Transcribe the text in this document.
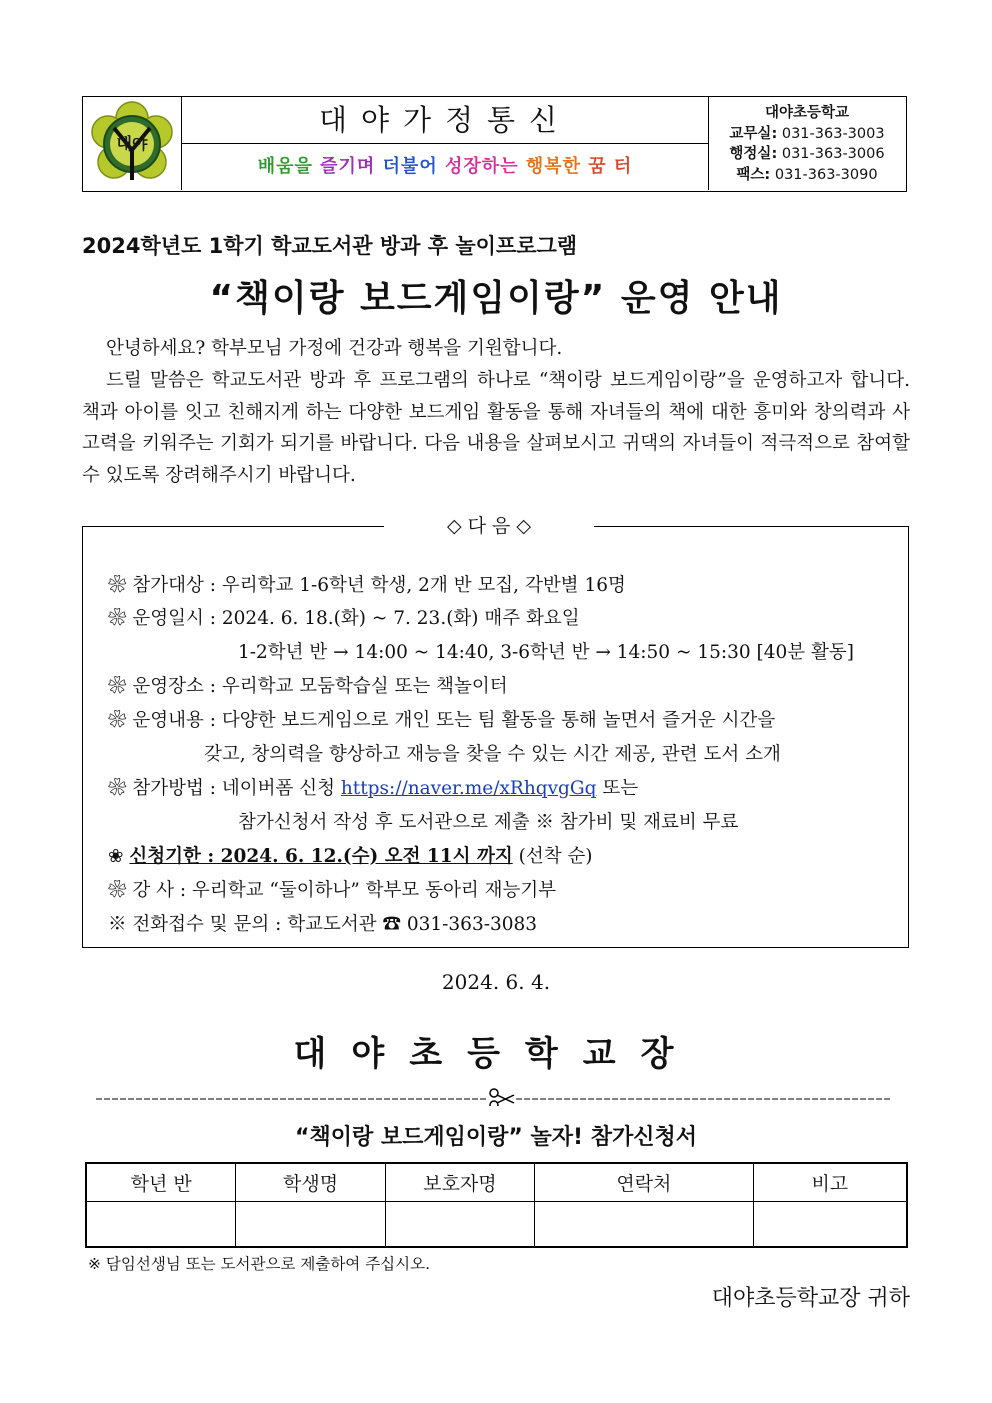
대야
대야가정통신
배움을 즐기며 더불어 성장하는 행복한 꿈 터
대야초등학교
교무실: 031-363-3003
행정실: 031-363-3006
팩스: 031-363-3090
2024학년도 1학기 학교도서관 방과 후 놀이프로그램
“책이랑 보드게임이랑” 운영 안내
안녕하세요? 학부모님 가정에 건강과 행복을 기원합니다.
드릴 말씀은 학교도서관 방과 후 프로그램의 하나로 “책이랑 보드게임이랑”을 운영하고자 합니다. 책과 아이를 잇고 친해지게 하는 다양한 보드게임 활동을 통해 자녀들의 책에 대한 흥미와 창의력과 사고력을 키워주는 기회가 되기를 바랍니다. 다음 내용을 살펴보시고 귀댁의 자녀들이 적극적으로 참여할 수 있도록 장려해주시기 바랍니다.
◇ 다 음 ◇
❀ 참가대상 : 우리학교 1-6학년 학생, 2개 반 모집, 각반별 16명
❀ 운영일시 : 2024. 6. 18.(화) ~ 7. 23.(화) 매주 화요일
1-2학년 반 → 14:00 ~ 14:40, 3-6학년 반 → 14:50 ~ 15:30 [40분 활동]
❀ 운영장소 : 우리학교 모둠학습실 또는 책놀이터
❀ 운영내용 : 다양한 보드게임으로 개인 또는 팀 활동을 통해 놀면서 즐거운 시간을
갖고, 창의력을 향상하고 재능을 찾을 수 있는 시간 제공, 관련 도서 소개
❀ 참가방법 : 네이버폼 신청 https://naver.me/xRhqvgGq 또는
참가신청서 작성 후 도서관으로 제출 ※ 참가비 및 재료비 무료
❀ 신청기한 : 2024. 6. 12.(수) 오전 11시 까지 (선착 순)
❀ 강 사 : 우리학교 “둘이하나” 학부모 동아리 재능기부
※ 전화접수 및 문의 : 학교도서관 ☎ 031-363-3083
2024. 6. 4.
대야초등학교장
“책이랑 보드게임이랑” 놀자! 참가신청서
학년 반	학생명	보호자명	연락처	비고

※ 담임선생님 또는 도서관으로 제출하여 주십시오.
대야초등학교장 귀하
